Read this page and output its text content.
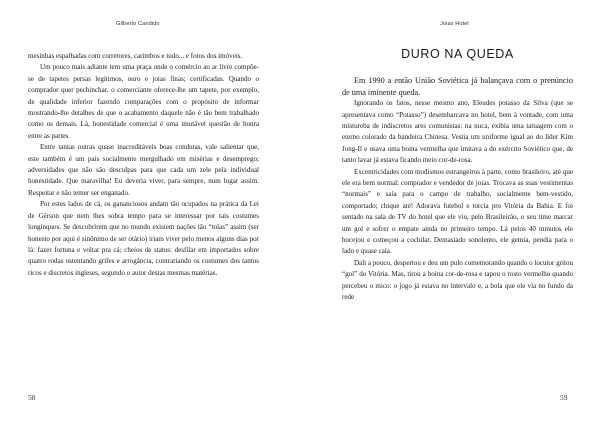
Gilberto Candido

mesinhas espalhadas com corretores, carimbos e tudo... e fotos dos imóveis.

Um pouco mais adiante tem uma praça onde o comércio ao ar livre compõe-se de tapetes persas legítimos, ouro e joias finas; certificadas. Quando o comprador quer pechinchar, o comerciante oferece-lhe um tapete, por exemplo, de qualidade inferior fazendo comparações com o propósito de informar mostrando-lhe detalhes de que o acabamento daquele não é tão bem trabalhado como os demais. Lá, honestidade comercial é uma imutável questão de honra entre as partes.

Entre tantas outras quase inacreditáveis boas condutas, vale salientar que, este também é um país socialmente mergulhado em misérias e desemprego; adversidades que não são desculpas para que cada um zele pela individual honestidade. Que maravilha! Eu deveria viver, para sempre, num lugar assim. Respeitar e não temer ser enganado.

Por estes lados de cá, os gananciosos andam tão ocupados na prática da Lei de Gérson que nem lhes sobra tempo para se interessar por tais costumes longínquos. Se descobrirem que no mundo existem nações tão “tolas” assim (ser honesto por aqui é sinônimo de ser otário) iriam viver pelo menos alguns dias por lá: fazer fortuna e voltar pra cá; cheios de status: desfilar em importados sobre quatro rodas ostentando grifes e arrogância, contrariando os costumes dos tantos ricos e discretos ingleses, segundo o autor destas mesmas matérias.

58
Joias Hotel
DURO NA QUEDA

Em 1990 a então União Soviética já balançava com o prenúncio de uma iminente queda.

Ignorando os fatos, nesse mesmo ano, Eleudes potasso da Silva (que se apresentava como “Potasso”) desembarcava no hotel, bem à vontade, com uma mistureba de indiscretos ares comunistas: na nuca, exibia uma tatuagem com o eterno colorado da bandeira Chinesa. Vestia um uniforme igual ao do líder Kim Jong-Il e usava uma boina vermelha que imitava a do exército Soviético que, de tanto lavar já estava ficando meio cor-de-rosa.

Excentricidades com modismos estrangeiros à parte, como brasileiro, até que ele era bem normal: comprador e vendedor de joias. Trocava as suas vestimentas “normais” e saía para o campo de trabalho, socialmente bem-vestido, comportado; chique até! Adorava futebol e torcia pro Vitória da Bahia. E foi sentado na sala de TV do hotel que ele viu, pelo Brasileirão, o seu time marcar um gol e sofrer o empate ainda no primeiro tempo. Lá pelos 40 minutos ele bocejou e começou a cochilar. Demasiado sonolento, ele gemia, pendia para o lado e quase caía.

Dali a pouco, despertou e deu um pulo comemorando quando o locutor gritou “gol” do Vitória. Mas, tirou a boina cor-de-rosa e tapou o rosto vermelho quando percebeu o mico: o jogo já estava no intervalo e, a bola que ele via no fundo da rede

59
